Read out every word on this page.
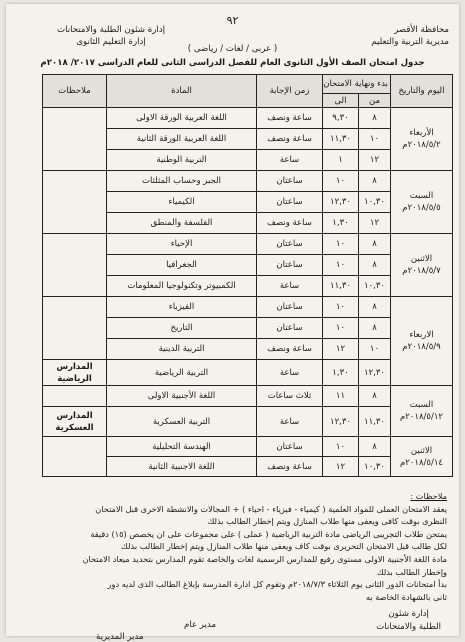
٩٢
محافظة الأقصر
مديرية التربية والتعليم
إدارة شئون الطلبة والامتحانات
إدارة التعليم الثانوى
( عربى / لغات / رياضى )
جدول امتحان الصف الأول الثانوى العام للفصل الدراسى الثانى للعام الدراسى ٢٠١٧/ ٢٠١٨م
اليوم والتاريخ	بدء ونهاية الامتحان		زمن الإجابة	المادة	ملاحظات
	من	الى			

الأربعاء
٢٠١٨/٥/٢م	٨	٩,٣٠	ساعة ونصف	اللغة العربية الورقة الاولى	
	١٠	١١,٣٠	ساعة ونصف	اللغة العربية الورقة الثانية	
	١٢	١	ساعة	التربية الوطنية	

السبت
٢٠١٨/٥/٥م	٨	١٠	ساعتان	الجبر وحساب المثلثات	
	١٠,٣٠	١٢,٣٠	ساعتان	الكيمياء	
	١٢	١,٣٠	ساعة ونصف	الفلسفة والمنطق	

الاثنين
٢٠١٨/٥/٧م	٨	١٠	ساعتان	الإحياء	
	٨	١٠	ساعتان	الجغرافيا	
	١٠,٣٠	١١,٣٠	ساعة	الكمبيوتر وتكنولوجيا المعلومات	

الاربعاء
٢٠١٨/٥/٩م	٨	١٠	ساعتان	الفيزياء	
	٨	١٠	ساعتان	التاريخ	
	١٠	١٢	ساعة ونصف	التربية الدينية	
	١٢,٣٠	١,٣٠	ساعة	التربية الرياضية	المدارس الرياضية

السبت
٢٠١٨/٥/١٢م	٨	١١	ثلاث ساعات	اللغة الأجنبية الاولى	
	١١,٣٠	١٢,٣٠	ساعة	التربية العسكرية	المدارس العسكرية

الاثنين
٢٠١٨/٥/١٤م	٨	١٠	ساعتان	الهندسة التحليلية	
	١٠,٣٠	١٢	ساعة ونصف	اللغة الاجنبية الثانية	

ملاحظات :

يعقد الامتحان العملى للمواد العلمية ( كيمياء - فيزياء - احياء ) + المجالات والانشطة الاخرى قبل الامتحان

النظرى بوقت كافى ويعفى منها طلاب المنازل ويتم إخطار الطالب بذلك

يمتحن طلاب التجريبى الرياضى مادة التربية الرياضية ( عملى ) على مجموعات على ان يخصص (١٥) دقيقة

لكل طالب قبل الامتحان التحريرى بوقت كاف ويعفى منها طلاب المنازل ويتم إخطار الطالب بذلك

مادة اللغة الأجنبية الاولى مستوى رفيع للمدارس الرسمية لغات والخاصة تقوم المدارس بتحديد ميعاد الامتحان

وإخطار الطالب بذلك

بدأ امتحانات الدور الثانى يوم الثلاثاء ٢٠١٨/٧/٣م وتقوم كل ادارة المدرسة بإبلاغ الطالب الذى لديه دور

ثانى بالشهادة الخاصة به

إدارة شئون
الطلبة والامتحانات
مدير عام
مدير المديرية
